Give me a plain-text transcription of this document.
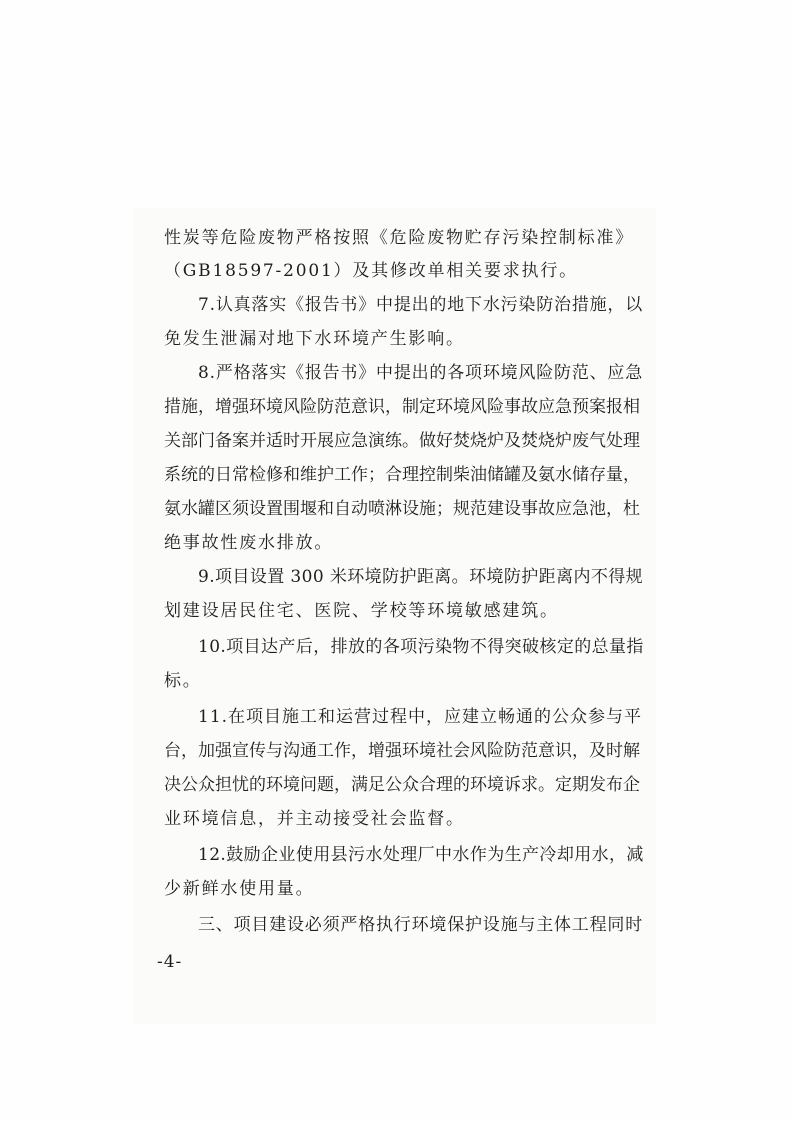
性炭等危险废物严格按照《危险废物贮存污染控制标准》
（GB18597-2001）及其修改单相关要求执行。
7.认真落实《报告书》中提出的地下水污染防治措施，以
免发生泄漏对地下水环境产生影响。
8.严格落实《报告书》中提出的各项环境风险防范、应急
措施，增强环境风险防范意识，制定环境风险事故应急预案报相
关部门备案并适时开展应急演练。做好焚烧炉及焚烧炉废气处理
系统的日常检修和维护工作；合理控制柴油储罐及氨水储存量，
氨水罐区须设置围堰和自动喷淋设施；规范建设事故应急池，杜
绝事故性废水排放。
9.项目设置 300 米环境防护距离。环境防护距离内不得规
划建设居民住宅、医院、学校等环境敏感建筑。
10.项目达产后，排放的各项污染物不得突破核定的总量指
标。
11.在项目施工和运营过程中，应建立畅通的公众参与平
台，加强宣传与沟通工作，增强环境社会风险防范意识，及时解
决公众担忧的环境问题，满足公众合理的环境诉求。定期发布企
业环境信息，并主动接受社会监督。
12.鼓励企业使用县污水处理厂中水作为生产冷却用水，减
少新鲜水使用量。
三、项目建设必须严格执行环境保护设施与主体工程同时
-4-
